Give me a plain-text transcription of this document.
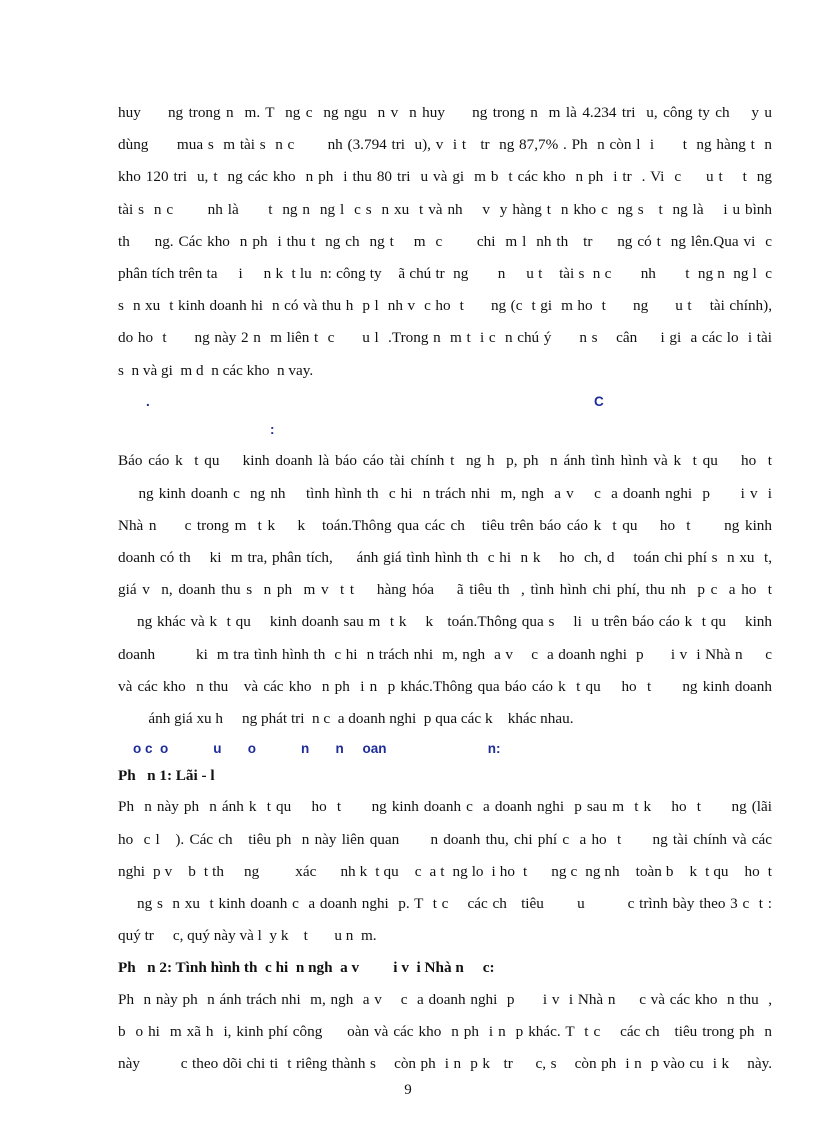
huy     ng trong n  m. T  ng c  ng ngu  n v  n huy     ng trong n  m là 4.234 tri  u, công ty ch    y u
dùng      mua s  m tài s  n c       nh (3.794 tri  u), v  i t   tr  ng 87,7% . Ph  n còn l  i      t  ng hàng t  n
kho 120 tri  u, t  ng các kho  n ph  i thu 80 tri  u và gi  m b  t các kho  n ph  i tr  . Vi  c     u t    t  ng
tài s  n c       nh là      t  ng n  ng l  c s  n xu  t và nh    v  y hàng t  n kho c  ng s   t  ng là    i u bình
th     ng. Các kho  n ph  i thu t  ng ch  ng t    m  c       chi  m l  nh th   tr     ng có t  ng lên.Qua vi  c
phân tích trên ta     i     n k  t lu  n: công ty    ã chú tr  ng       n     u t    tài s  n c       nh       t  ng n  ng l  c
s  n xu  t kinh doanh hi  n có và thu h  p l  nh v  c ho  t      ng (c  t gi  m ho  t      ng      u t    tài chính),
do ho  t      ng này 2 n  m liên t  c      u l  .Trong n  m t  i c  n chú ý      n s    cân     i gi  a các lo  i tài
s  n và gi  m d  n các kho  n vay.
.	C
:
Báo cáo k  t qu    kinh doanh là báo cáo tài chính t  ng h  p, ph  n ánh tình hình và k  t qu    ho  t
ng kinh doanh c  ng nh    tình hình th  c hi  n trách nhi  m, ngh  a v    c  a doanh nghi  p      i v  i
Nhà n     c trong m  t k    k   toán.Thông qua các ch   tiêu trên báo cáo k  t qu    ho  t      ng kinh
doanh có th    ki  m tra, phân tích,     ánh giá tình hình th  c hi  n k    ho  ch, d    toán chi phí s  n xu  t,
giá v  n, doanh thu s  n ph  m v  t t    hàng hóa    ã tiêu th  , tình hình chi phí, thu nh  p c  a ho  t
ng khác và k  t qu    kinh doanh sau m  t k    k   toán.Thông qua s    li  u trên báo cáo k  t qu    kinh
doanh         ki  m tra tình hình th  c hi  n trách nhi  m, ngh  a v    c  a doanh nghi  p      i v  i Nhà n     c
và các kho  n thu   và các kho  n ph  i n  p khác.Thông qua báo cáo k  t qu    ho  t      ng kinh doanh
ánh giá xu h     ng phát tri  n c  a doanh nghi  p qua các k    khác nhau.
o c  o            u       o            n       n     oan                           n:
Ph   n 1: Lãi - l
Ph  n này ph  n ánh k  t qu    ho  t      ng kinh doanh c  a doanh nghi  p sau m  t k    ho  t      ng (lãi
ho  c l   ). Các ch   tiêu ph  n này liên quan      n doanh thu, chi phí c  a ho  t      ng tài chính và các
nghi  p v    b  t th     ng         xác      nh k  t qu    c  a t  ng lo  i ho  t      ng c  ng nh    toàn b    k  t qu    ho  t
ng s  n xu  t kinh doanh c  a doanh nghi  p. T  t c    các ch   tiêu       u         c trình bày theo 3 c  t :
quý tr     c, quý này và l  y k    t       u n  m.
Ph   n 2: Tình hình th  c hi  n ngh  a v         i v  i Nhà n     c:
Ph  n này ph  n ánh trách nhi  m, ngh  a v    c  a doanh nghi  p      i v  i Nhà n     c và các kho  n thu  ,
b  o hi  m xã h  i, kinh phí công     oàn và các kho  n ph  i n  p khác. T  t c    các ch   tiêu trong ph  n
này         c theo dõi chi ti  t riêng thành s    còn ph  i n  p k   tr     c, s    còn ph  i n  p vào cu  i k    này.
9
